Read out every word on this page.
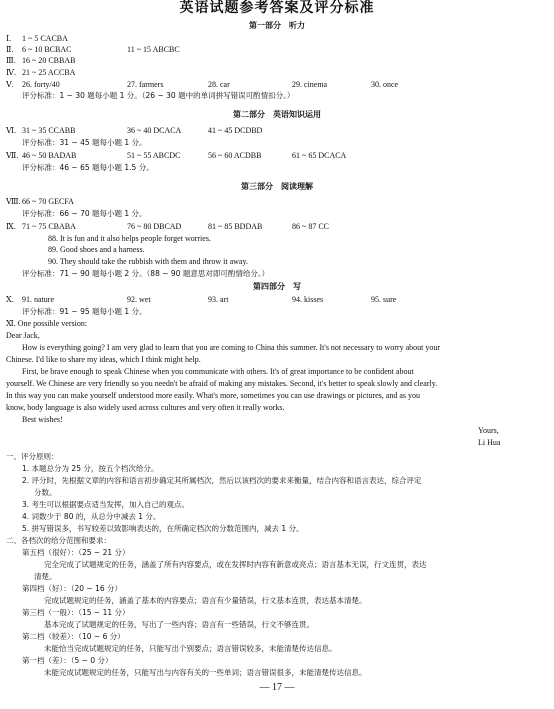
英语试题参考答案及评分标准
第一部分　听力
Ⅰ. 1 ~ 5 CACBA
Ⅱ. 6 ~ 10 BCBAC	11 ~ 15 ABCBC
Ⅲ. 16 ~ 20 CBBAB
Ⅳ. 21 ~ 25 ACCBA
Ⅴ. 26. forty/40	27. farmers	28. car	29. cinema	30. once
评分标准：1 ~ 30 题每小题 1 分。（26 ~ 30 题中的单词拼写错误可酌情扣分。）
第二部分　英语知识运用
Ⅵ. 31 ~ 35 CCABB	36 ~ 40 DCACA	41 ~ 45 DCDBD
评分标准：31 ~ 45 题每小题 1 分。
Ⅶ. 46 ~ 50 BADAB	51 ~ 55 ABCDC	56 ~ 60 ACDBB	61 ~ 65 DCACA
评分标准：46 ~ 65 题每小题 1.5 分。
第三部分　阅读理解
Ⅷ. 66 ~ 70 GECFA
评分标准：66 ~ 70 题每小题 1 分。
Ⅸ. 71 ~ 75 CBABA	76 ~ 80 DBCAD	81 ~ 85 BDDAB	86 ~ 87 CC
88. It is fun and it also helps people forget worries.
89. Good shoes and a harness.
90. They should take the rubbish with them and throw it away.
评分标准：71 ~ 90 题每小题 2 分。（88 ~ 90 题意思对即可酌情给分。）
第四部分　写
Ⅹ. 91. nature	92. wet	93. art	94. kisses	95. sure
评分标准：91 ~ 95 题每小题 1 分。
Ⅺ. One possible version:
Dear Jack,
How is everything going? I am very glad to learn that you are coming to China this summer. It's not necessary to worry about your
Chinese. I'd like to share my ideas, which I think might help.
First, be brave enough to speak Chinese when you communicate with others. It's of great importance to be confident about
yourself. We Chinese are very friendly so you needn't be afraid of making any mistakes. Second, it's better to speak slowly and clearly.
In this way you can make yourself understood more easily. What's more, sometimes you can use drawings or pictures, and as you
know, body language is also widely used across cultures and very often it really works.
Best wishes!
Yours,
Li Hua
一、评分原则：
1. 本题总分为 25 分，按五个档次给分。
2. 评分时，先根据文章的内容和语言初步确定其所属档次，然后以该档次的要求来衡量，结合内容和语言表达，综合评定
分数。
3. 考生可以根据要点适当发挥，加入自己的观点。
4. 词数少于 80 的，从总分中减去 1 分。
5. 拼写错误多，书写较差以致影响表达的，在所确定档次的分数范围内，减去 1 分。
二、各档次的给分范围和要求：
第五档（很好）：（25 ~ 21 分）
完全完成了试题规定的任务，涵盖了所有内容要点，或在发挥时内容有新意或亮点；语言基本无误，行文连贯，表达
清楚。
第四档（好）：（20 ~ 16 分）
完成试题规定的任务，涵盖了基本的内容要点；语言有少量错误，行文基本连贯，表达基本清楚。
第三档（一般）：（15 ~ 11 分）
基本完成了试题规定的任务，写出了一些内容；语言有一些错误，行文不够连贯。
第二档（较差）：（10 ~ 6 分）
未能恰当完成试题规定的任务，只能写出个别要点；语言错误较多，未能清楚传达信息。
第一档（差）：（5 ~ 0 分）
未能完成试题规定的任务，只能写出与内容有关的一些单词；语言错误很多，未能清楚传达信息。
— 17 —
